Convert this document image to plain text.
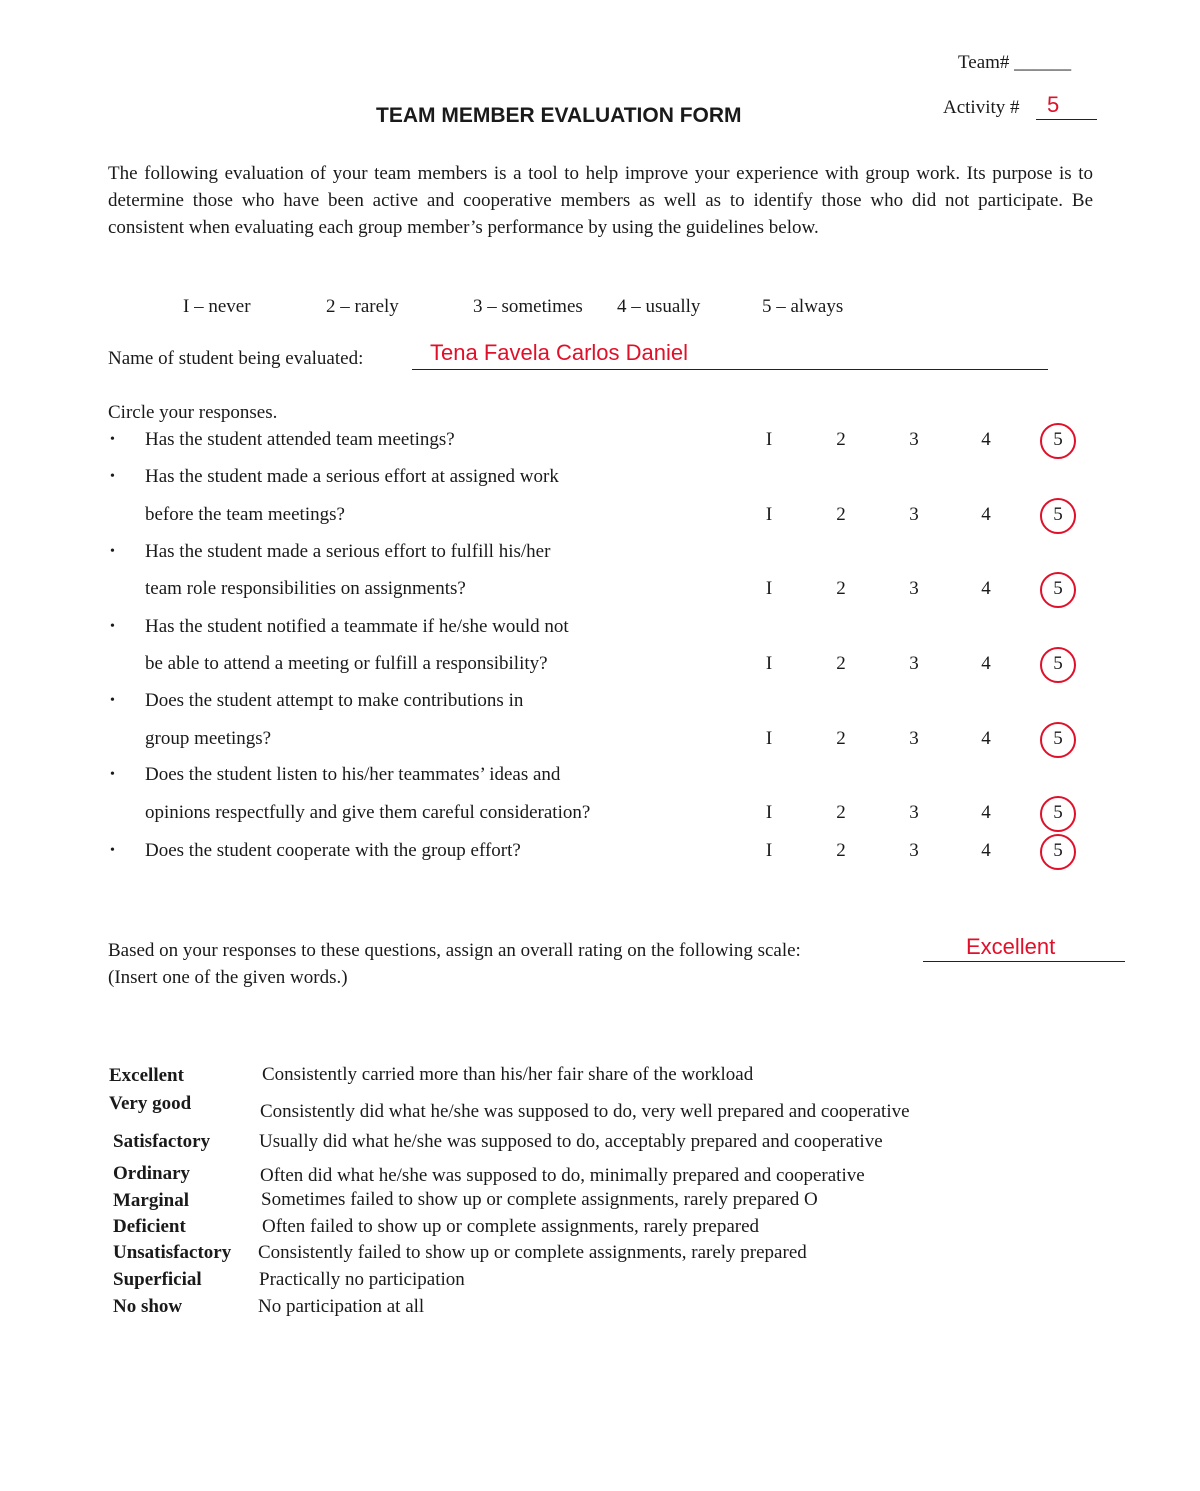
Team# ______
TEAM MEMBER EVALUATION FORM	Activity # 5
The following evaluation of your team members is a tool to help improve your experience with group work. Its purpose is to determine those who have been active and cooperative members as well as to identify those who did not participate. Be consistent when evaluating each group member’s performance by using the guidelines below.
I – never	2 – rarely	3 – sometimes 4 – usually	5 – always
Name of student being evaluated:	Tena Favela Carlos Daniel
Circle your responses.
• Has the student attended team meetings?	I	2	3	4	5
• Has the student made a serious effort at assigned work
before the team meetings?	I	2	3	4	5
• Has the student made a serious effort to fulfill his/her
team role responsibilities on assignments?	I	2	3	4	5
• Has the student notified a teammate if he/she would not
be able to attend a meeting or fulfill a responsibility?	I	2	3	4	5
• Does the student attempt to make contributions in
group meetings?	I	2	3	4	5
• Does the student listen to his/her teammates’ ideas and
opinions respectfully and give them careful consideration?	I	2	3	4	5
• Does the student cooperate with the group effort?	I	2	3	4	5
Based on your responses to these questions, assign an overall rating on the following scale:	Excellent
(Insert one of the given words.)
Excellent	Consistently carried more than his/her fair share of the workload
Very good	Consistently did what he/she was supposed to do, very well prepared and cooperative
Satisfactory	Usually did what he/she was supposed to do, acceptably prepared and cooperative
Ordinary	Often did what he/she was supposed to do, minimally prepared and cooperative
Marginal	Sometimes failed to show up or complete assignments, rarely prepared O
Deficient	Often failed to show up or complete assignments, rarely prepared
Unsatisfactory Consistently failed to show up or complete assignments, rarely prepared
Superficial	Practically no participation
No show	No participation at all
